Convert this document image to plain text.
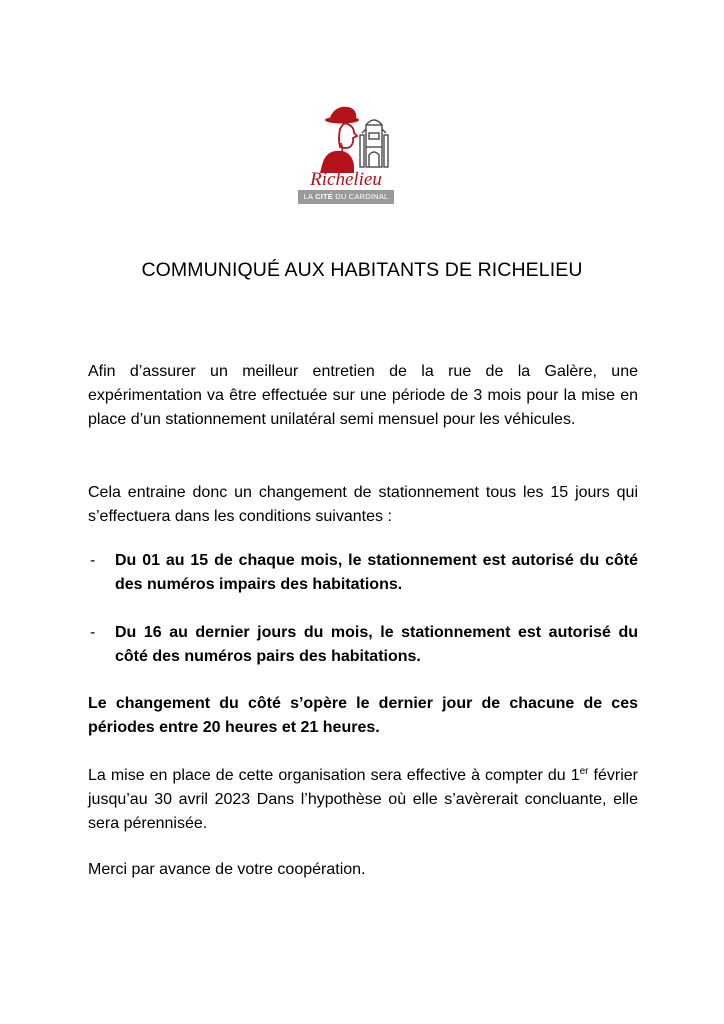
Richelieu
LA CITÉ DU CARDINAL
COMMUNIQUÉ AUX HABITANTS DE RICHELIEU

Afin d’assurer un meilleur entretien de la rue de la Galère, une expérimentation va être effectuée sur une période de 3 mois pour la mise en place d’un stationnement unilatéral semi mensuel pour les véhicules.

Cela entraine donc un changement de stationnement tous les 15 jours qui s’effectuera dans les conditions suivantes :

- Du 01 au 15 de chaque mois, le stationnement est autorisé du côté des numéros impairs des habitations.

- Du 16 au dernier jours du mois, le stationnement est autorisé du côté des numéros pairs des habitations.

Le changement du côté s’opère le dernier jour de chacune de ces périodes entre 20 heures et 21 heures.

La mise en place de cette organisation sera effective à compter du 1er février jusqu’au 30 avril 2023 Dans l’hypothèse où elle s’avèrerait concluante, elle sera pérennisée.

Merci par avance de votre coopération.
